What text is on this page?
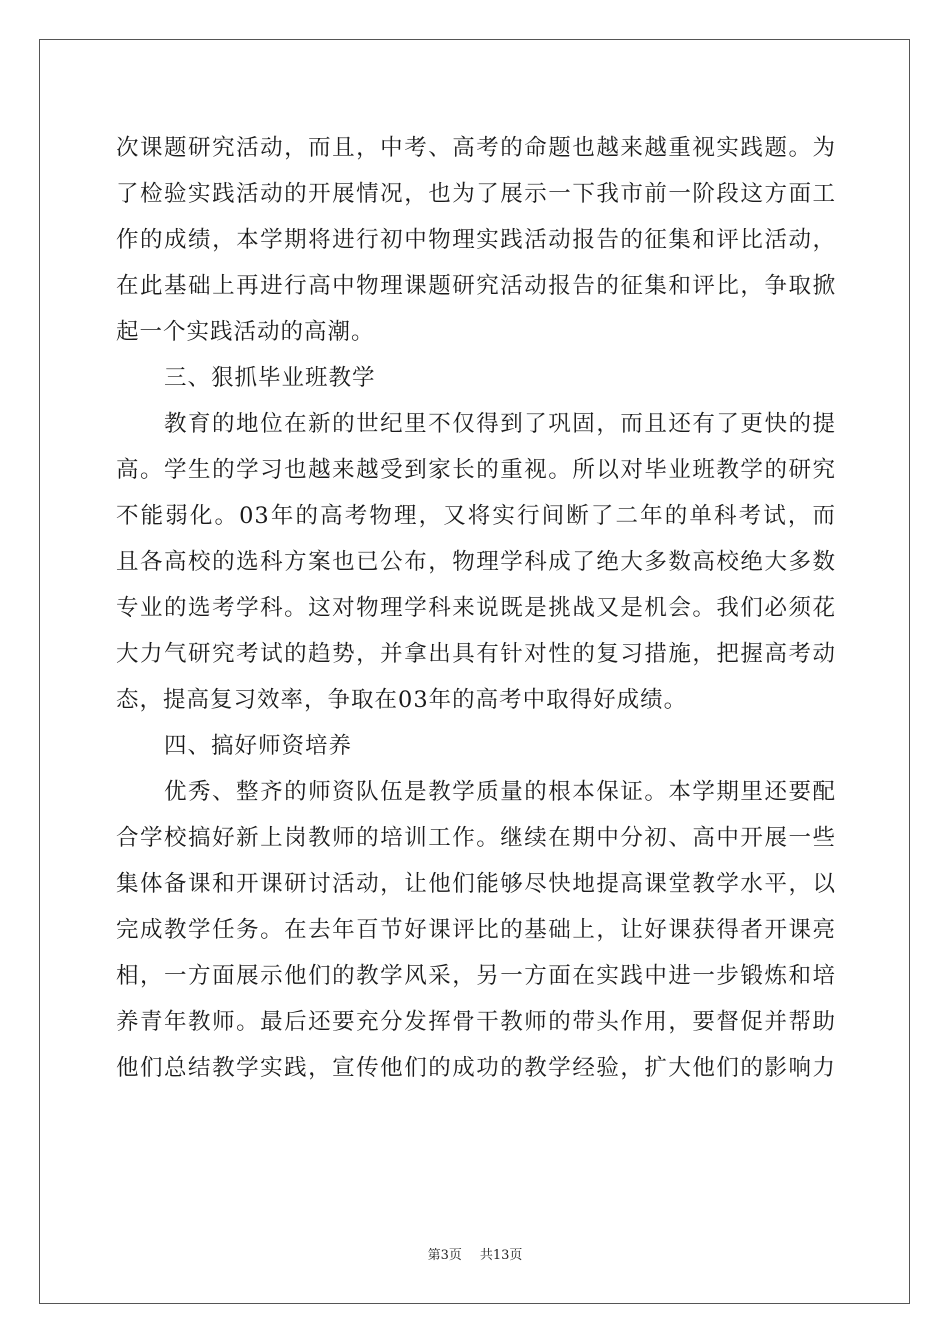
次课题研究活动，而且，中考、高考的命题也越来越重视实践题。为
了检验实践活动的开展情况，也为了展示一下我市前一阶段这方面工
作的成绩，本学期将进行初中物理实践活动报告的征集和评比活动，
在此基础上再进行高中物理课题研究活动报告的征集和评比，争取掀
起一个实践活动的高潮。
三、狠抓毕业班教学
教育的地位在新的世纪里不仅得到了巩固，而且还有了更快的提
高。学生的学习也越来越受到家长的重视。所以对毕业班教学的研究
不能弱化。03年的高考物理，又将实行间断了二年的单科考试，而
且各高校的选科方案也已公布，物理学科成了绝大多数高校绝大多数
专业的选考学科。这对物理学科来说既是挑战又是机会。我们必须花
大力气研究考试的趋势，并拿出具有针对性的复习措施，把握高考动
态，提高复习效率，争取在03年的高考中取得好成绩。
四、搞好师资培养
优秀、整齐的师资队伍是教学质量的根本保证。本学期里还要配
合学校搞好新上岗教师的培训工作。继续在期中分初、高中开展一些
集体备课和开课研讨活动，让他们能够尽快地提高课堂教学水平，以
完成教学任务。在去年百节好课评比的基础上，让好课获得者开课亮
相，一方面展示他们的教学风采，另一方面在实践中进一步锻炼和培
养青年教师。最后还要充分发挥骨干教师的带头作用，要督促并帮助
他们总结教学实践，宣传他们的成功的教学经验，扩大他们的影响力
第3页 共13页
